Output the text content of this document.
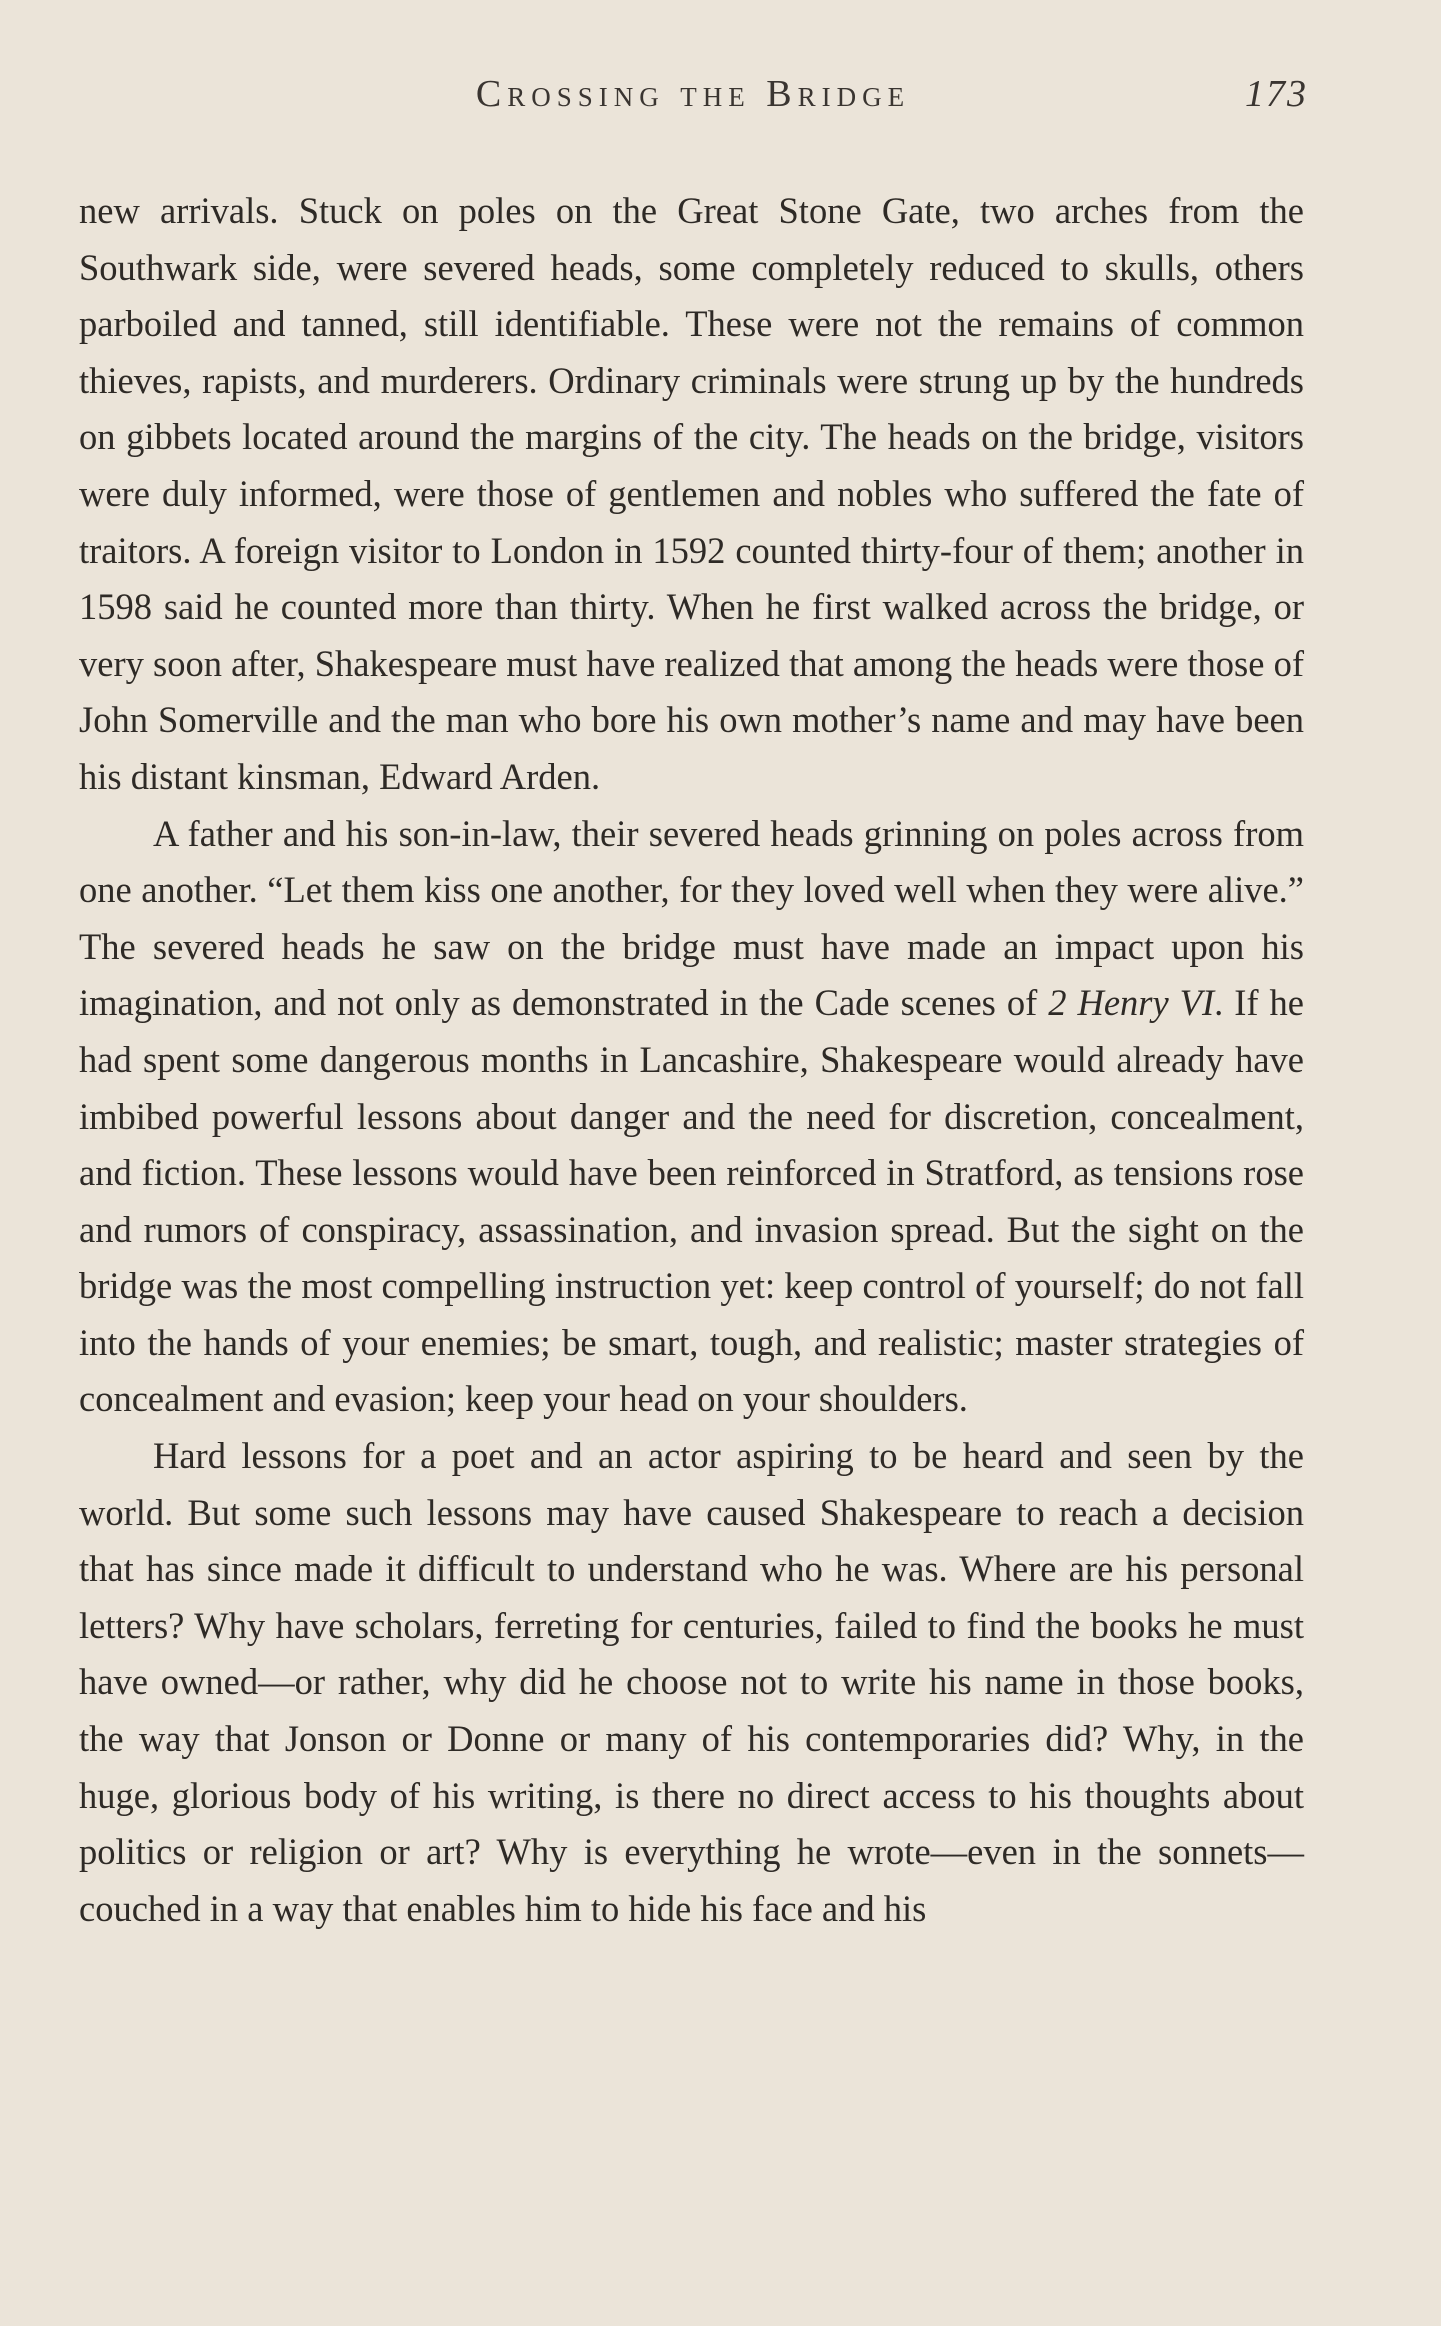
Crossing the Bridge	173

new arrivals. Stuck on poles on the Great Stone Gate, two arches from the Southwark side, were severed heads, some completely reduced to skulls, others parboiled and tanned, still identifiable. These were not the remains of common thieves, rapists, and murderers. Ordinary criminals were strung up by the hundreds on gibbets located around the margins of the city. The heads on the bridge, visitors were duly informed, were those of gentlemen and nobles who suffered the fate of traitors. A foreign visitor to London in 1592 counted thirty-four of them; another in 1598 said he counted more than thirty. When he first walked across the bridge, or very soon after, Shakespeare must have realized that among the heads were those of John Somerville and the man who bore his own mother’s name and may have been his distant kinsman, Edward Arden.

A father and his son-in-law, their severed heads grinning on poles across from one another. “Let them kiss one another, for they loved well when they were alive.” The severed heads he saw on the bridge must have made an impact upon his imagination, and not only as demonstrated in the Cade scenes of 2 Henry VI. If he had spent some dangerous months in Lancashire, Shakespeare would already have imbibed powerful lessons about danger and the need for discretion, concealment, and fiction. These lessons would have been reinforced in Stratford, as tensions rose and rumors of conspiracy, assassination, and invasion spread. But the sight on the bridge was the most compelling instruction yet: keep control of yourself; do not fall into the hands of your enemies; be smart, tough, and realistic; master strategies of concealment and evasion; keep your head on your shoulders.

Hard lessons for a poet and an actor aspiring to be heard and seen by the world. But some such lessons may have caused Shakespeare to reach a decision that has since made it difficult to understand who he was. Where are his personal letters? Why have scholars, ferreting for centuries, failed to find the books he must have owned—or rather, why did he choose not to write his name in those books, the way that Jonson or Donne or many of his contemporaries did? Why, in the huge, glorious body of his writing, is there no direct access to his thoughts about politics or religion or art? Why is everything he wrote—even in the sonnets—couched in a way that enables him to hide his face and his
